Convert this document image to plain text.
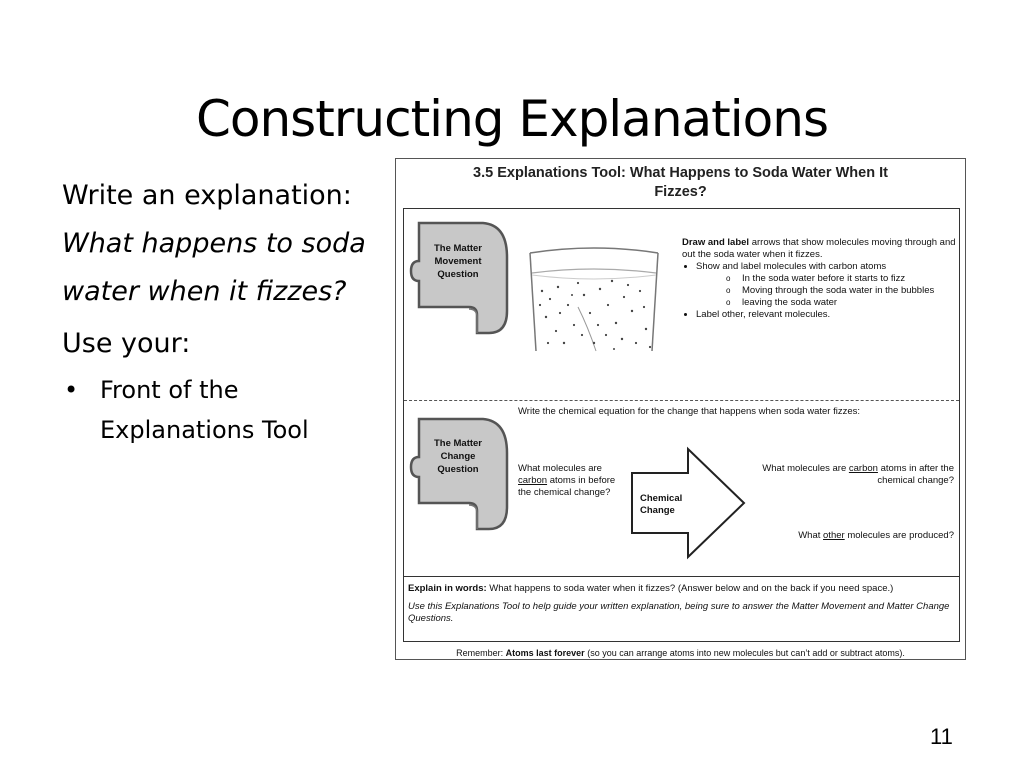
Constructing Explanations

Write an explanation: What happens to soda water when it fizzes?

Use your:

• Front of the Explanations Tool
3.5 Explanations Tool: What Happens to Soda Water When It
Fizzes?
The Matter
Movement
Question
Draw and label arrows that show molecules moving through and out the soda water when it fizzes.
• Show and label molecules with carbon atoms
o In the soda water before it starts to fizz
o Moving through the soda water in the bubbles
o leaving the soda water
• Label other, relevant molecules.
Write the chemical equation for the change that happens when soda water fizzes:
The Matter
Change
Question	What molecules are carbon atoms in before the chemical change?
Chemical
Change
What molecules are carbon atoms in after the chemical change?
What other molecules are produced?
Explain in words: What happens to soda water when it fizzes? (Answer below and on the back if you need space.)
Use this Explanations Tool to help guide your written explanation, being sure to answer the Matter Movement and Matter Change Questions.
Remember: Atoms last forever (so you can arrange atoms into new molecules but can’t add or subtract atoms).
11
